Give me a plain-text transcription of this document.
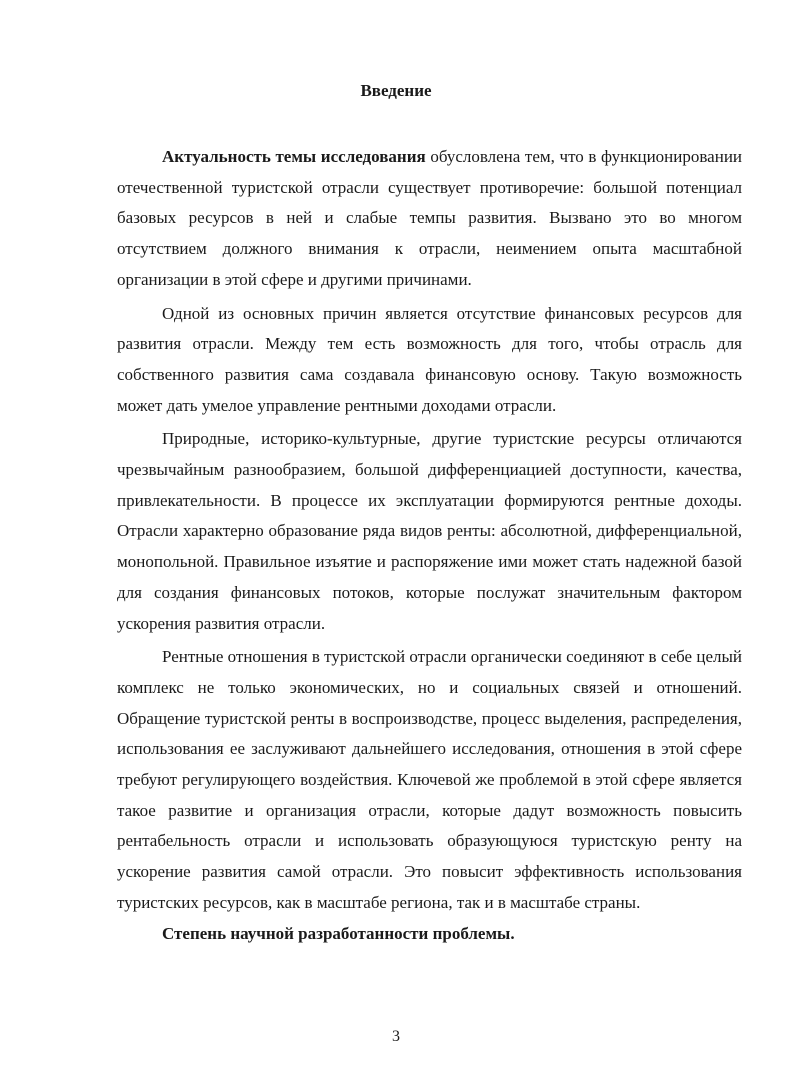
Введение

Актуальность темы исследования обусловлена тем, что в функционировании отечественной туристской отрасли существует противоречие: большой потенциал базовых ресурсов в ней и слабые темпы развития. Вызвано это во многом отсутствием должного внимания к отрасли, неимением опыта масштабной организации в этой сфере и другими причинами.

Одной из основных причин является отсутствие финансовых ресурсов для развития отрасли. Между тем есть возможность для того, чтобы отрасль для собственного развития сама создавала финансовую основу. Такую возможность может дать умелое управление рентными доходами отрасли.

Природные, историко-культурные, другие туристские ресурсы отличаются чрезвычайным разнообразием, большой дифференциацией доступности, качества, привлекательности. В процессе их эксплуатации формируются рентные доходы. Отрасли характерно образование ряда видов ренты: абсолютной, дифференциальной, монопольной. Правильное изъятие и распоряжение ими может стать надежной базой для создания финансовых потоков, которые послужат значительным фактором ускорения развития отрасли.

Рентные отношения в туристской отрасли органически соединяют в себе целый комплекс не только экономических, но и социальных связей и отношений. Обращение туристской ренты в воспроизводстве, процесс выделения, распределения, использования ее заслуживают дальнейшего исследования, отношения в этой сфере требуют регулирующего воздействия. Ключевой же проблемой в этой сфере является такое развитие и организация отрасли, которые дадут возможность повысить рентабельность отрасли и использовать образующуюся туристскую ренту на ускорение развития самой отрасли. Это повысит эффективность использования туристских ресурсов, как в масштабе региона, так и в масштабе страны.

Степень научной разработанности проблемы.

3
